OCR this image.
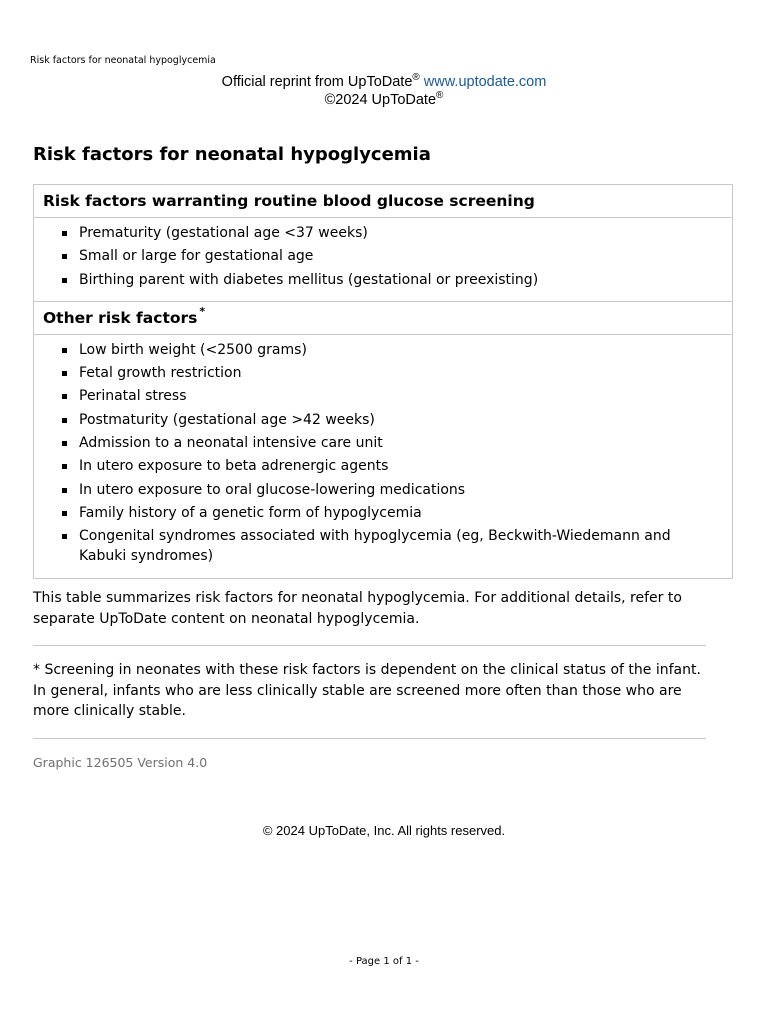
Risk factors for neonatal hypoglycemia
Official reprint from UpToDate® www.uptodate.com
©2024 UpToDate®
Risk factors for neonatal hypoglycemia
Risk factors warranting routine blood glucose screening
Prematurity (gestational age <37 weeks)
Small or large for gestational age
Birthing parent with diabetes mellitus (gestational or preexisting)
Other risk factors *
Low birth weight (<2500 grams)
Fetal growth restriction
Perinatal stress
Postmaturity (gestational age >42 weeks)
Admission to a neonatal intensive care unit
In utero exposure to beta adrenergic agents
In utero exposure to oral glucose-lowering medications
Family history of a genetic form of hypoglycemia
Congenital syndromes associated with hypoglycemia (eg, Beckwith-Wiedemann and Kabuki syndromes)

This table summarizes risk factors for neonatal hypoglycemia. For additional details, refer to separate UpToDate content on neonatal hypoglycemia.

* Screening in neonates with these risk factors is dependent on the clinical status of the infant. In general, infants who are less clinically stable are screened more often than those who are more clinically stable.

Graphic 126505 Version 4.0
© 2024 UpToDate, Inc. All rights reserved.
- Page 1 of 1 -
